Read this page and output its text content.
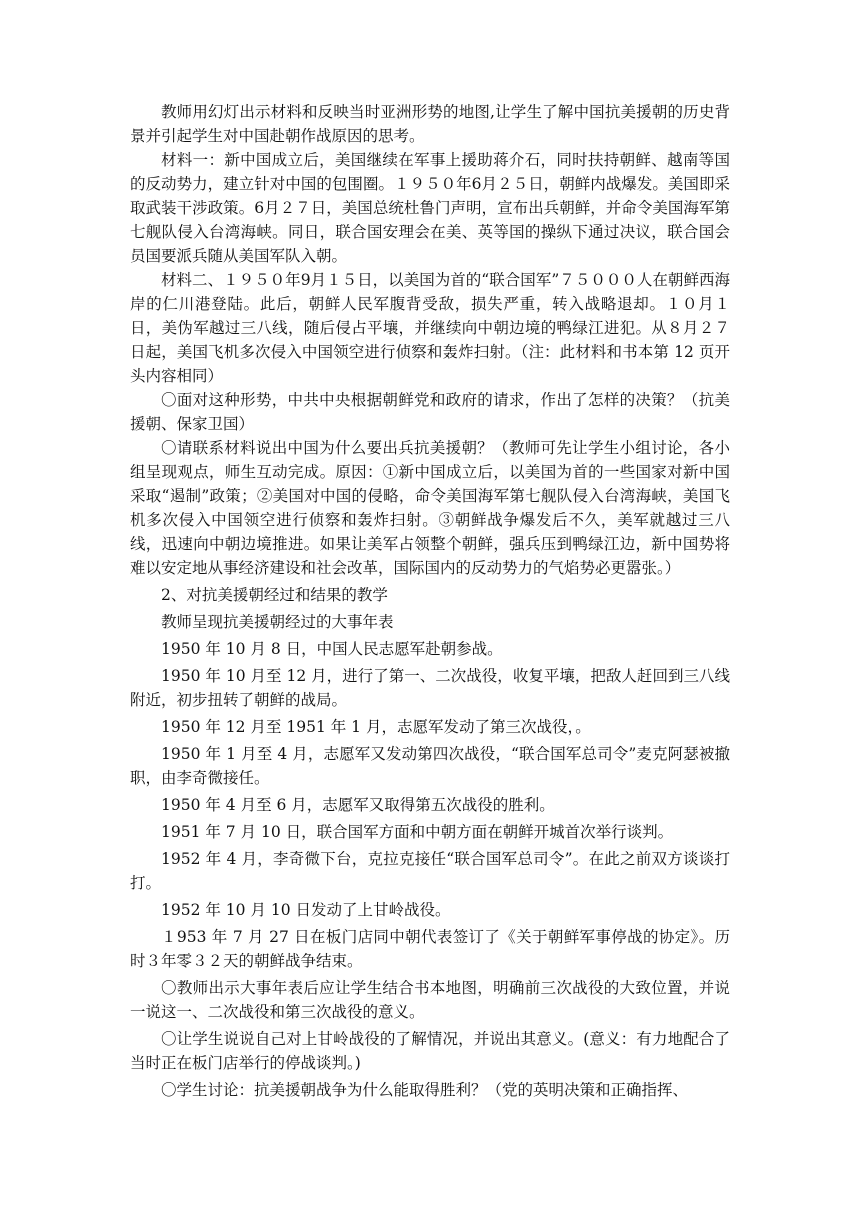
教师用幻灯出示材料和反映当时亚洲形势的地图,让学生了解中国抗美援朝的历史背景并引起学生对中国赴朝作战原因的思考。

材料一：新中国成立后，美国继续在军事上援助蒋介石，同时扶持朝鲜、越南等国的反动势力，建立针对中国的包围圈。１９５０年6月２５日，朝鲜内战爆发。美国即采取武装干涉政策。6月２７日，美国总统杜鲁门声明，宣布出兵朝鲜，并命令美国海军第七舰队侵入台湾海峡。同日，联合国安理会在美、英等国的操纵下通过决议，联合国会员国要派兵随从美国军队入朝。

材料二、１９５０年9月１５日，以美国为首的“联合国军”７５０００人在朝鲜西海岸的仁川港登陆。此后，朝鲜人民军腹背受敌，损失严重，转入战略退却。１０月１日，美伪军越过三八线，随后侵占平壤，并继续向中朝边境的鸭绿江进犯。从８月２７日起，美国飞机多次侵入中国领空进行侦察和轰炸扫射。（注：此材料和书本第 12 页开头内容相同）

〇面对这种形势，中共中央根据朝鲜党和政府的请求，作出了怎样的决策？（抗美援朝、保家卫国）

〇请联系材料说出中国为什么要出兵抗美援朝？（教师可先让学生小组讨论，各小组呈现观点，师生互动完成。原因：①新中国成立后，以美国为首的一些国家对新中国采取“遏制”政策；②美国对中国的侵略，命令美国海军第七舰队侵入台湾海峡，美国飞机多次侵入中国领空进行侦察和轰炸扫射。③朝鲜战争爆发后不久，美军就越过三八线，迅速向中朝边境推进。如果让美军占领整个朝鲜，强兵压到鸭绿江边，新中国势将难以安定地从事经济建设和社会改革，国际国内的反动势力的气焰势必更嚣张。）

2、对抗美援朝经过和结果的教学

教师呈现抗美援朝经过的大事年表

1950 年 10 月 8 日，中国人民志愿军赴朝参战。

1950 年 10 月至 12 月，进行了第一、二次战役，收复平壤，把敌人赶回到三八线附近，初步扭转了朝鲜的战局。

1950 年 12 月至 1951 年 1 月，志愿军发动了第三次战役，。

1950 年 1 月至 4 月，志愿军又发动第四次战役，“联合国军总司令”麦克阿瑟被撤职，由李奇微接任。

1950 年 4 月至 6 月，志愿军又取得第五次战役的胜利。

1951 年 7 月 10 日，联合国军方面和中朝方面在朝鲜开城首次举行谈判。

1952 年 4 月，李奇微下台，克拉克接任“联合国军总司令”。在此之前双方谈谈打打。

1952 年 10 月 10 日发动了上甘岭战役。

１953 年 7 月 27 日在板门店同中朝代表签订了《关于朝鲜军事停战的协定》。历时３年零３２天的朝鲜战争结束。

〇教师出示大事年表后应让学生结合书本地图，明确前三次战役的大致位置，并说一说这一、二次战役和第三次战役的意义。

〇让学生说说自己对上甘岭战役的了解情况，并说出其意义。(意义：有力地配合了当时正在板门店举行的停战谈判。)

〇学生讨论：抗美援朝战争为什么能取得胜利？（党的英明决策和正确指挥、
